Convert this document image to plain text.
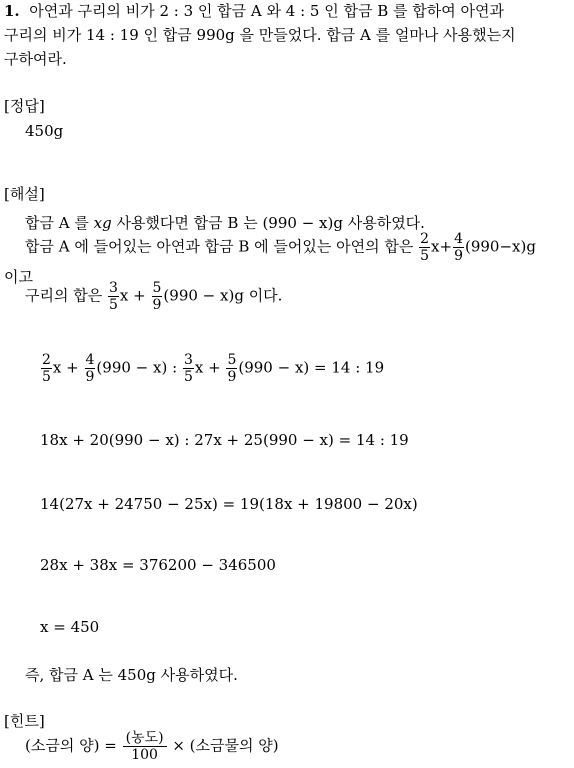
1. 아연과 구리의 비가 2 : 3 인 합금 A 와 4 : 5 인 합금 B 를 합하여 아연과
구리의 비가 14 : 19 인 합금 990g 을 만들었다. 합금 A 를 얼마나 사용했는지
구하여라.
[정답]
450g
[해설]
합금 A 를 xg 사용했다면 합금 B 는 (990 − x)g 사용하였다.
합금 A 에 들어있는 아연과 합금 B 에 들어있는 아연의 합은 $\frac{2}{5} x+ \frac{4}{9} (990-x)g$
이고
구리의 합은 $\frac{3}{5}$ $x + \frac{5}{9} (990 - x)g$ 이다.
$\frac{2}{5}$ $x + \frac{4}{9} (990 - x)$ : $\frac{3}{5}$ $x + \frac{5}{9} (990 - x) = 14$ : 19
18x + 20(990 − x) : 27x + 25(990 − x) = 14 : 19
14(27x + 24750 − 25x) = 19(18x + 19800 − 20x)
28x + 38x = 376200 − 346500
x = 450
즉, 합금 A 는 450g 사용하였다.
[힌트]
(소금의 양) = (농도)
100
× (소금물의 양)
